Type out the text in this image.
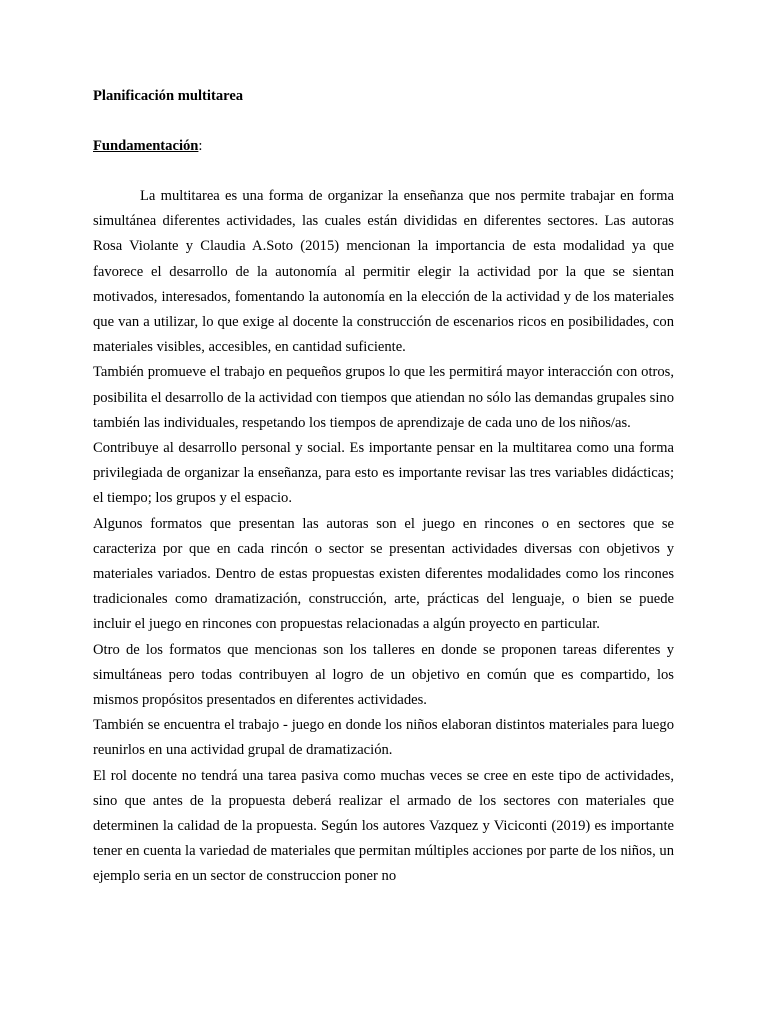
Planificación multitarea
Fundamentación:

La multitarea es una forma de organizar la enseñanza que nos permite trabajar en forma simultánea diferentes actividades, las cuales están divididas en diferentes sectores. Las autoras Rosa Violante y Claudia A.Soto (2015) mencionan la importancia de esta modalidad ya que favorece el desarrollo de la autonomía al permitir elegir la actividad por la que se sientan motivados, interesados, fomentando la autonomía en la elección de la actividad y de los materiales que van a utilizar, lo que exige al docente la construcción de escenarios ricos en posibilidades, con materiales visibles, accesibles, en cantidad suficiente.

También promueve el trabajo en pequeños grupos lo que les permitirá mayor interacción con otros, posibilita el desarrollo de la actividad con tiempos que atiendan no sólo las demandas grupales sino también las individuales, respetando los tiempos de aprendizaje de cada uno de los niños/as.

Contribuye al desarrollo personal y social. Es importante pensar en la multitarea como una forma privilegiada de organizar la enseñanza, para esto es importante revisar las tres variables didácticas; el tiempo; los grupos y el espacio.

Algunos formatos que presentan las autoras son el juego en rincones o en sectores que se caracteriza por que en cada rincón o sector se presentan actividades diversas con objetivos y materiales variados. Dentro de estas propuestas existen diferentes modalidades como los rincones tradicionales como dramatización, construcción, arte, prácticas del lenguaje, o bien se puede incluir el juego en rincones con propuestas relacionadas a algún proyecto en particular.

Otro de los formatos que mencionas son los talleres en donde se proponen tareas diferentes y simultáneas pero todas contribuyen al logro de un objetivo en común que es compartido, los mismos propósitos presentados en diferentes actividades.

También se encuentra el trabajo - juego en donde los niños elaboran distintos materiales para luego reunirlos en una actividad grupal de dramatización.

El rol docente no tendrá una tarea pasiva como muchas veces se cree en este tipo de actividades, sino que antes de la propuesta deberá realizar el armado de los sectores con materiales que determinen la calidad de la propuesta. Según los autores Vazquez y Viciconti (2019) es importante tener en cuenta la variedad de materiales que permitan múltiples acciones por parte de los niños, un ejemplo seria en un sector de construccion poner no
